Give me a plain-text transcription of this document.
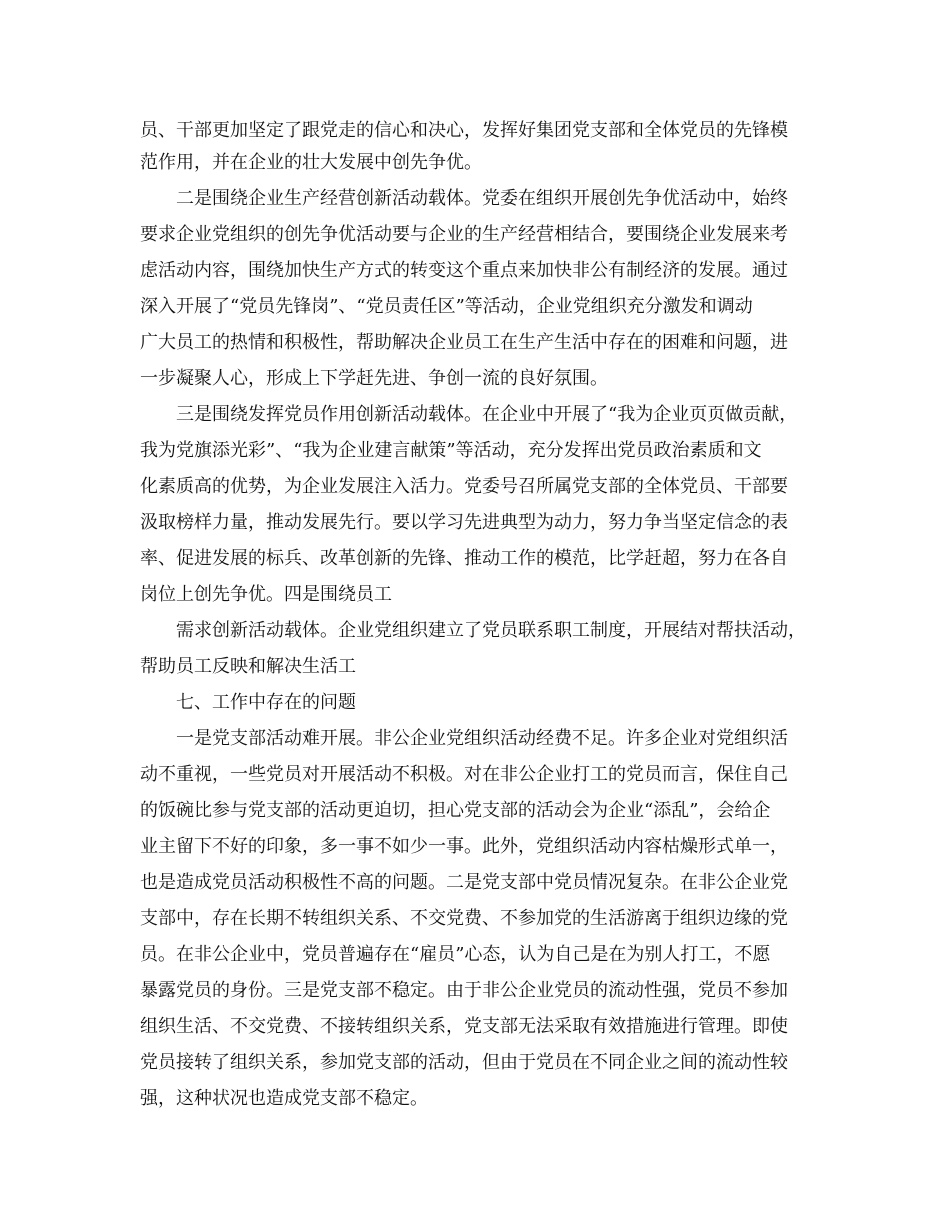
员、干部更加坚定了跟党走的信心和决心，发挥好集团党支部和全体党员的先锋模
范作用，并在企业的壮大发展中创先争优。
二是围绕企业生产经营创新活动载体。党委在组织开展创先争优活动中，始终
要求企业党组织的创先争优活动要与企业的生产经营相结合，要围绕企业发展来考
虑活动内容，围绕加快生产方式的转变这个重点来加快非公有制经济的发展。通过
深入开展了“党员先锋岗”、“党员责任区”等活动，企业党组织充分激发和调动
广大员工的热情和积极性，帮助解决企业员工在生产生活中存在的困难和问题，进
一步凝聚人心，形成上下学赶先进、争创一流的良好氛围。
三是围绕发挥党员作用创新活动载体。在企业中开展了“我为企业页页做贡献，
我为党旗添光彩”、“我为企业建言献策”等活动，充分发挥出党员政治素质和文
化素质高的优势，为企业发展注入活力。党委号召所属党支部的全体党员、干部要
汲取榜样力量，推动发展先行。要以学习先进典型为动力，努力争当坚定信念的表
率、促进发展的标兵、改革创新的先锋、推动工作的模范，比学赶超，努力在各自
岗位上创先争优。四是围绕员工
需求创新活动载体。企业党组织建立了党员联系职工制度，开展结对帮扶活动，
帮助员工反映和解决生活工
七、工作中存在的问题
一是党支部活动难开展。非公企业党组织活动经费不足。许多企业对党组织活
动不重视，一些党员对开展活动不积极。对在非公企业打工的党员而言，保住自己
的饭碗比参与党支部的活动更迫切，担心党支部的活动会为企业“添乱”，会给企
业主留下不好的印象，多一事不如少一事。此外，党组织活动内容枯燥形式单一，
也是造成党员活动积极性不高的问题。二是党支部中党员情况复杂。在非公企业党
支部中，存在长期不转组织关系、不交党费、不参加党的生活游离于组织边缘的党
员。在非公企业中，党员普遍存在“雇员”心态，认为自己是在为别人打工，不愿
暴露党员的身份。三是党支部不稳定。由于非公企业党员的流动性强，党员不参加
组织生活、不交党费、不接转组织关系，党支部无法采取有效措施进行管理。即使
党员接转了组织关系，参加党支部的活动，但由于党员在不同企业之间的流动性较
强，这种状况也造成党支部不稳定。
